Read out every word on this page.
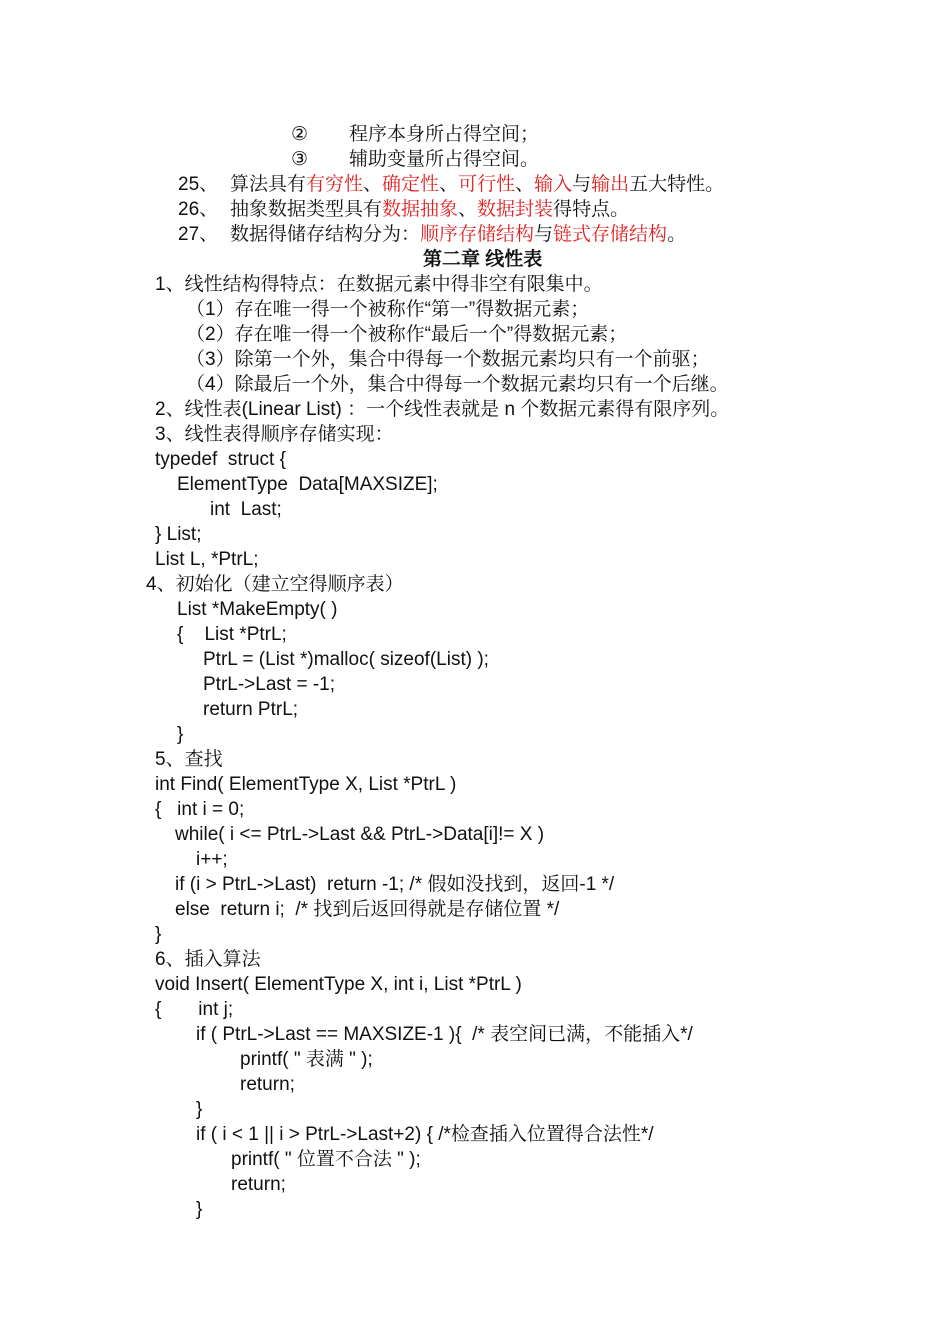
② 程序本身所占得空间；
③ 辅助变量所占得空间。
25、 算法具有有穷性、确定性、可行性、输入与输出五大特性。
26、 抽象数据类型具有数据抽象、数据封装得特点。
27、 数据得储存结构分为：顺序存储结构与链式存储结构。
第二章 线性表
1、线性结构得特点：在数据元素中得非空有限集中。
（1）存在唯一得一个被称作“第一”得数据元素；
（2）存在唯一得一个被称作“最后一个”得数据元素；
（3）除第一个外，集合中得每一个数据元素均只有一个前驱；
（4）除最后一个外，集合中得每一个数据元素均只有一个后继。
2、线性表(Linear List) ：一个线性表就是 n 个数据元素得有限序列。
3、线性表得顺序存储实现：
typedef  struct {
ElementType  Data[MAXSIZE];
int  Last;
} List;
List L, *PtrL;
4、初始化（建立空得顺序表）
List *MakeEmpty( )
{    List *PtrL;
PtrL = (List *)malloc( sizeof(List) );
PtrL->Last = -1;
return PtrL;
}
5、查找
int Find( ElementType X, List *PtrL )
{   int i = 0;
while( i <= PtrL->Last && PtrL->Data[i]!= X )
i++;
if (i > PtrL->Last)  return -1; /* 假如没找到，返回-1 */
else  return i;  /* 找到后返回得就是存储位置 */
}
6、插入算法
void Insert( ElementType X, int i, List *PtrL )
{       int j;
if ( PtrL->Last == MAXSIZE-1 ){  /* 表空间已满，不能插入*/
printf( " 表满 " );
return;
}
if ( i < 1 || i > PtrL->Last+2) { /*检查插入位置得合法性*/
printf( " 位置不合法 " );
return;
}
